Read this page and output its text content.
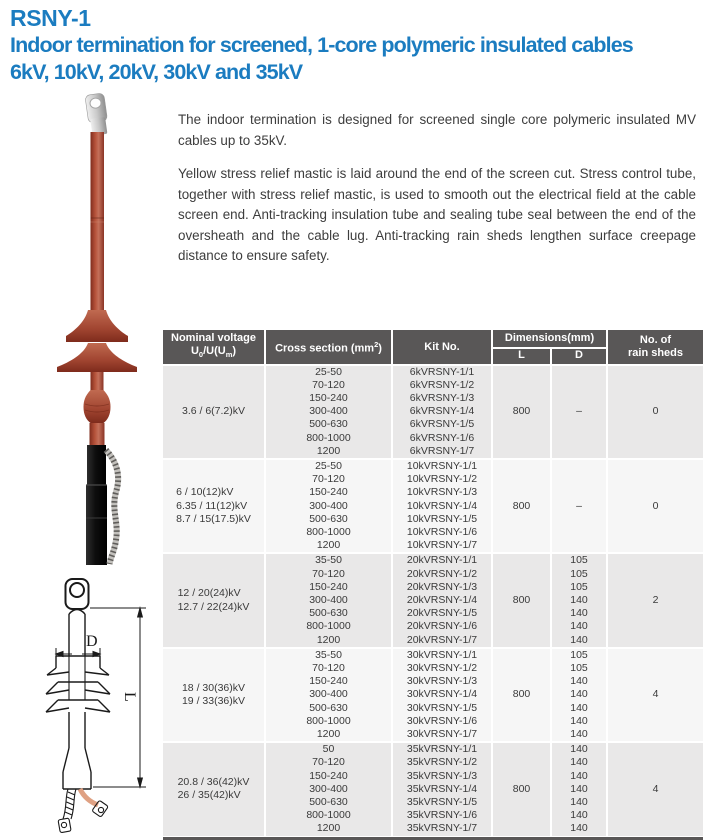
RSNY-1
Indoor termination for screened, 1-core polymeric insulated cables
6kV, 10kV, 20kV, 30kV and 35kV

The indoor termination is designed for screened single core polymeric insulated MV cables up to 35kV.

Yellow stress relief mastic is laid around the end of the screen cut. Stress control tube, together with stress relief mastic, is used to smooth out the electrical field at the cable screen end. Anti-tracking insulation tube and sealing tube seal between the end of the oversheath and the cable lug. Anti-tracking rain sheds lengthen surface creepage distance to ensure safety.

D
L
Nominal voltage
$U_0/U(U_m)$	Cross section $(mm^2)$	Kit No.	Dimensions(mm)	No. of
rain sheds

			L	D	

3.6 / 6(7.2)kV	25-50	6kVRSNY-1/1	800	–	0
	70-120	6kVRSNY-1/2			
	150-240	6kVRSNY-1/3			
	300-400	6kVRSNY-1/4			
	500-630	6kVRSNY-1/5			
	800-1000	6kVRSNY-1/6			
	1200	6kVRSNY-1/7			

6 / 10(12)kV
6.35 / 11(12)kV
8.7 / 15(17.5)kV	25-50	10kVRSNY-1/1	800	–	0
	70-120	10kVRSNY-1/2			
	150-240	10kVRSNY-1/3			
	300-400	10kVRSNY-1/4			
	500-630	10kVRSNY-1/5			
	800-1000	10kVRSNY-1/6			
	1200	10kVRSNY-1/7			

12 / 20(24)kV
12.7 / 22(24)kV	35-50	20kVRSNY-1/1	800	105	2
	70-120	20kVRSNY-1/2		105	
	150-240	20kVRSNY-1/3		105	
	300-400	20kVRSNY-1/4		140	
	500-630	20kVRSNY-1/5		140	
	800-1000	20kVRSNY-1/6		140	
	1200	20kVRSNY-1/7		140	

18 / 30(36)kV
19 / 33(36)kV	35-50	30kVRSNY-1/1	800	105	4
	70-120	30kVRSNY-1/2		105	
	150-240	30kVRSNY-1/3		140	
	300-400	30kVRSNY-1/4		140	
	500-630	30kVRSNY-1/5		140	
	800-1000	30kVRSNY-1/6		140	
	1200	30kVRSNY-1/7		140	

20.8 / 36(42)kV
26 / 35(42)kV	50	35kVRSNY-1/1	800	140	4
	70-120	35kVRSNY-1/2		140	
	150-240	35kVRSNY-1/3		140	
	300-400	35kVRSNY-1/4		140	
	500-630	35kVRSNY-1/5		140	
	800-1000	35kVRSNY-1/6		140	
	1200	35kVRSNY-1/7		140	
